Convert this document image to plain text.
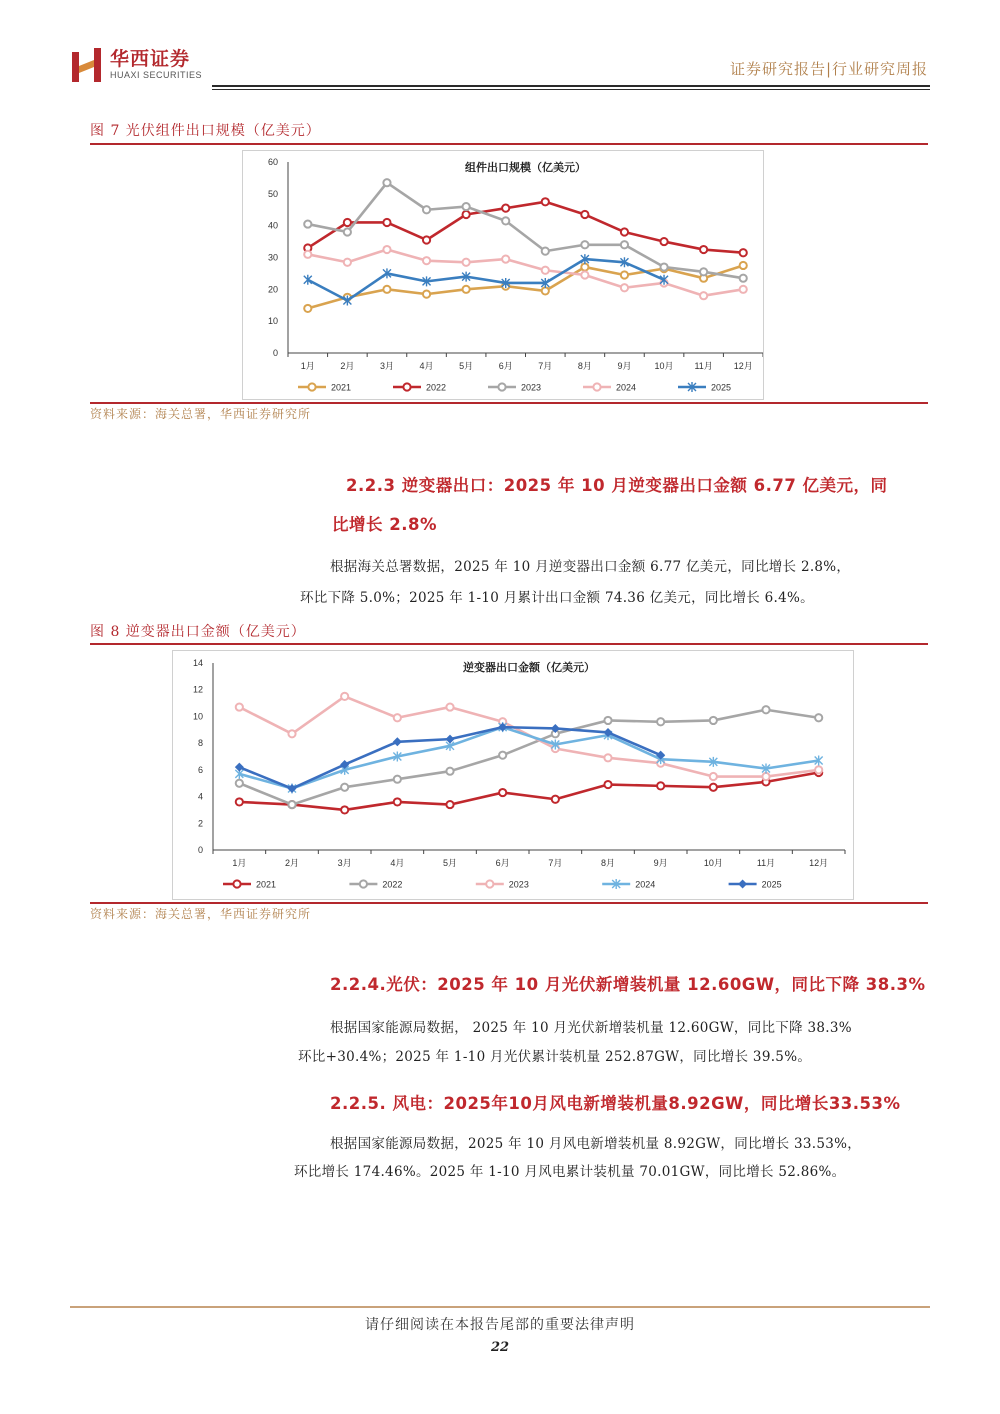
华西证券
HUAXI SECURITIES	证券研究报告|行业研究周报
图 7 光伏组件出口规模（亿美元）
组件出口规模（亿美元）
0
10
20
30
40
50
60
1月	2月	3月	4月	5月	6月	7月	8月	9月	10月 11月 12月
2021	2022	2023	2024	2025
资料来源：海关总署，华西证券研究所
2.2.3 逆变器出口：2025 年 10 月逆变器出口金额 6.77 亿美元，同
比增长 2.8%
根据海关总署数据，2025 年 10 月逆变器出口金额 6.77 亿美元，同比增长 2.8%，
环比下降 5.0%；2025 年 1-10 月累计出口金额 74.36 亿美元，同比增长 6.4%。
图 8 逆变器出口金额（亿美元）
逆变器出口金额（亿美元）
0
2
4
6
8
10
12
14
1月	2月	3月	4月	5月	6月	7月	8月	9月	10月	11月	12月
2021	2022	2023	2024	2025
资料来源：海关总署，华西证券研究所
2.2.4.光伏：2025 年 10 月光伏新增装机量 12.60GW，同比下降 38.3%
根据国家能源局数据， 2025 年 10 月光伏新增装机量 12.60GW，同比下降 38.3%
环比+30.4%；2025 年 1-10 月光伏累计装机量 252.87GW，同比增长 39.5%。
2.2.5. 风电：2025年10月风电新增装机量8.92GW，同比增长33.53%
根据国家能源局数据，2025 年 10 月风电新增装机量 8.92GW，同比增长 33.53%，
环比增长 174.46%。2025 年 1-10 月风电累计装机量 70.01GW，同比增长 52.86%。
请仔细阅读在本报告尾部的重要法律声明
22
